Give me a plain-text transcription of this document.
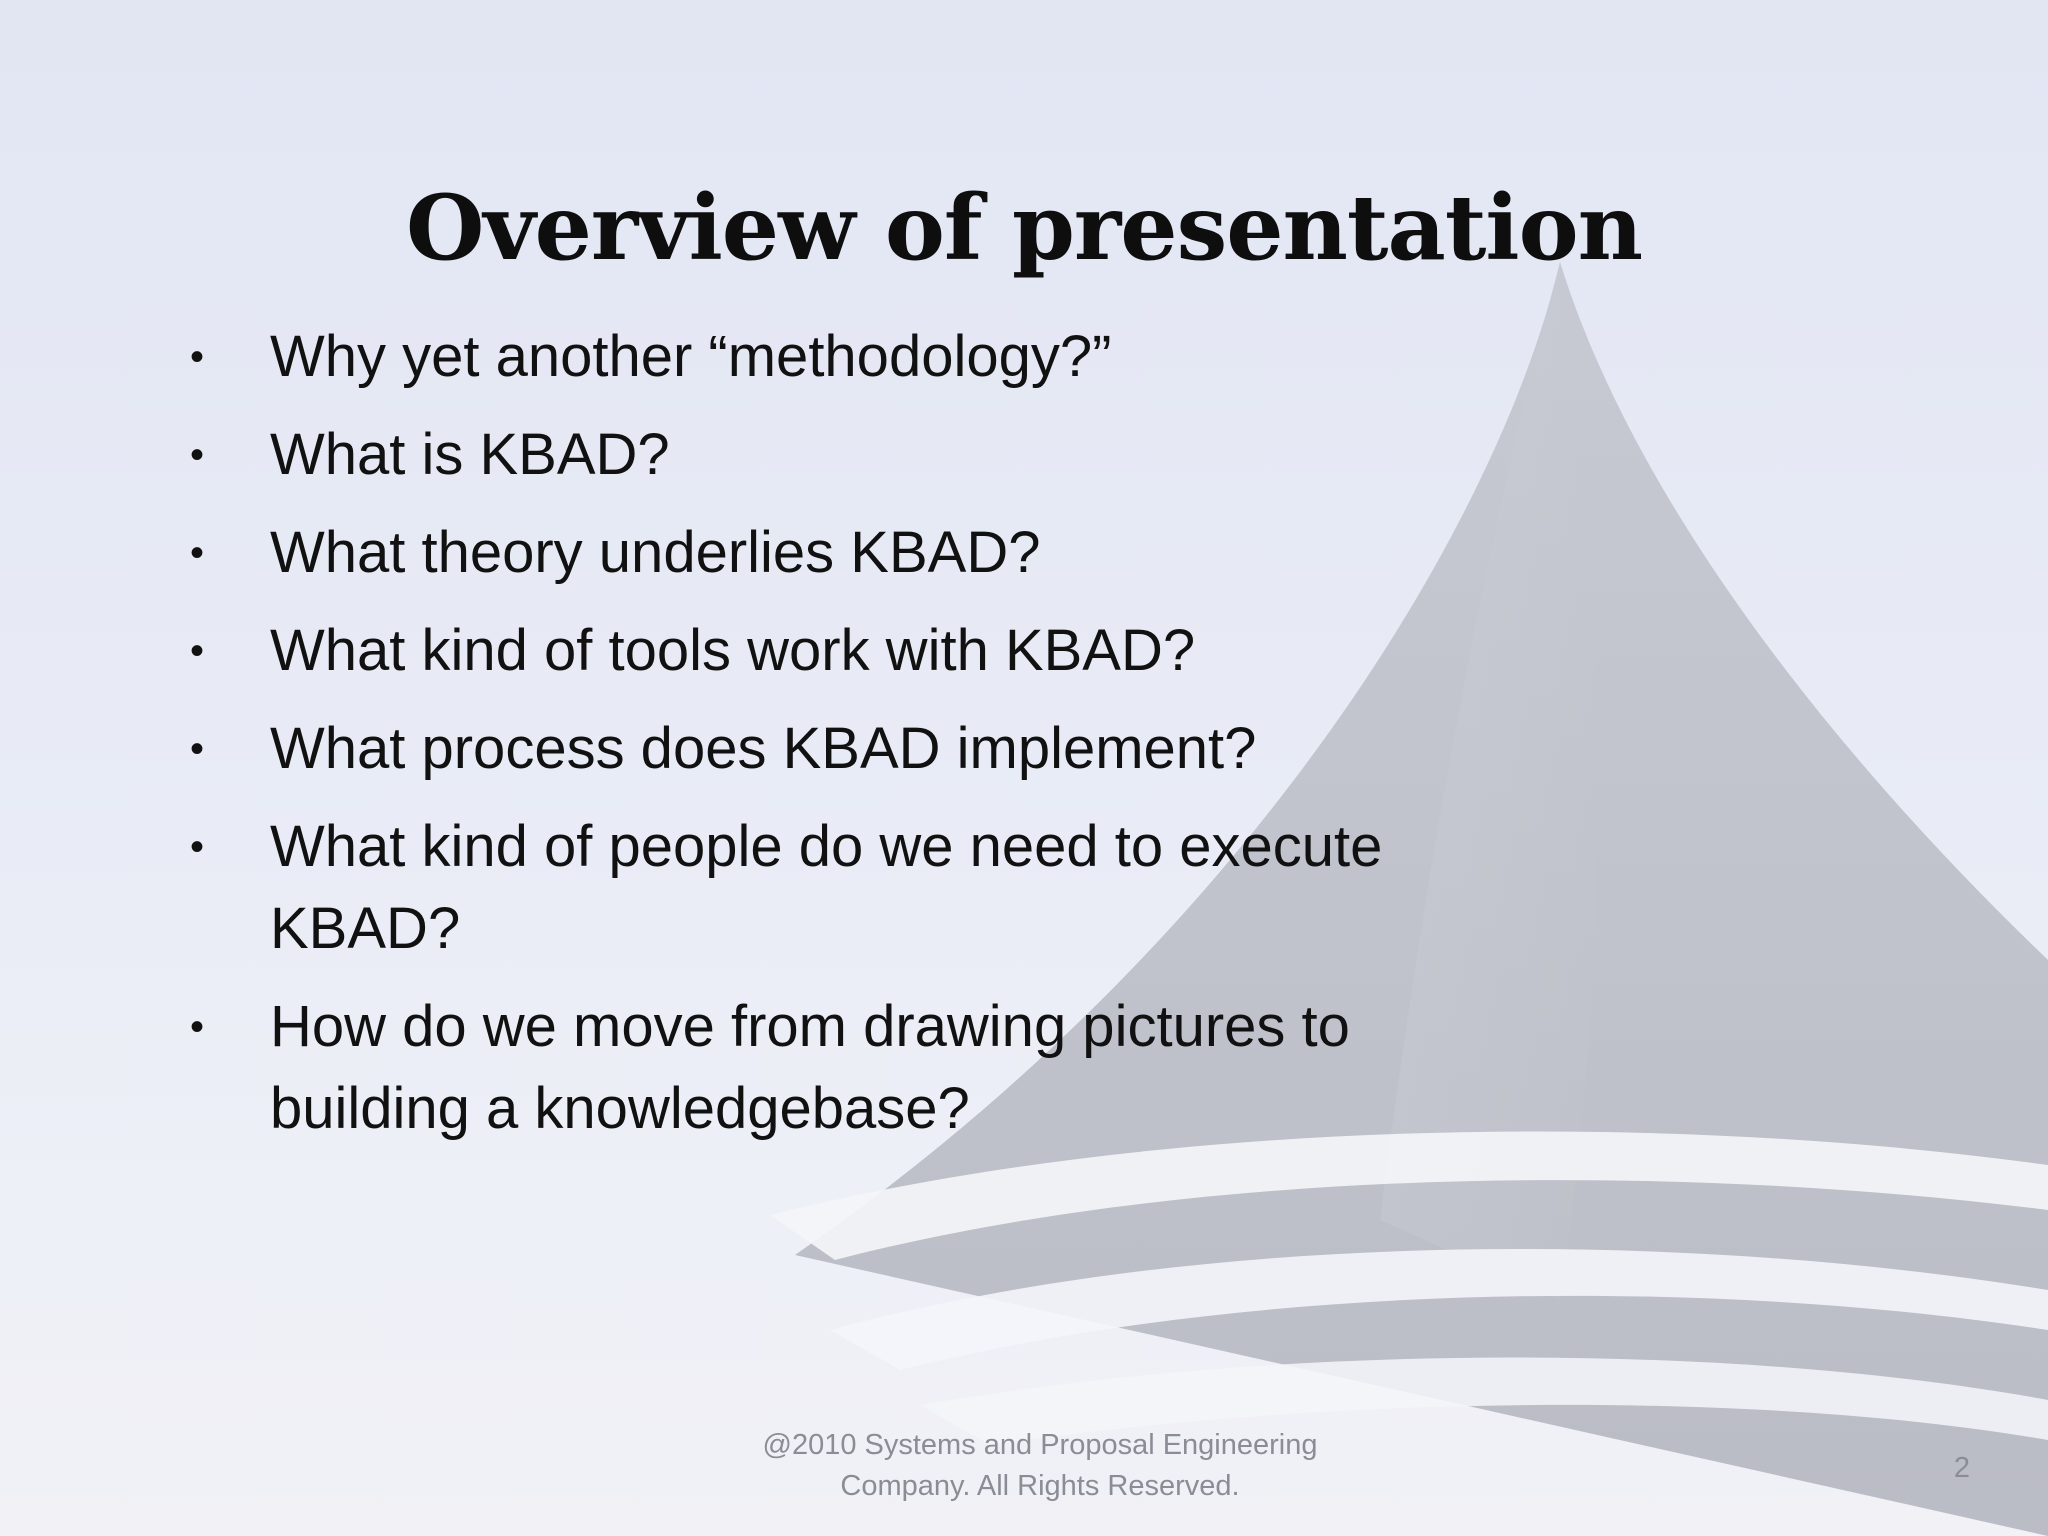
Overview of presentation
• Why yet another “methodology?”
• What is KBAD?
• What theory underlies KBAD?
• What kind of tools work with KBAD?
• What process does KBAD implement?
• What kind of people do we need to execute KBAD?
• How do we move from drawing pictures to building a knowledgebase?
@2010 Systems and Proposal Engineering Company. All Rights Reserved.
2
